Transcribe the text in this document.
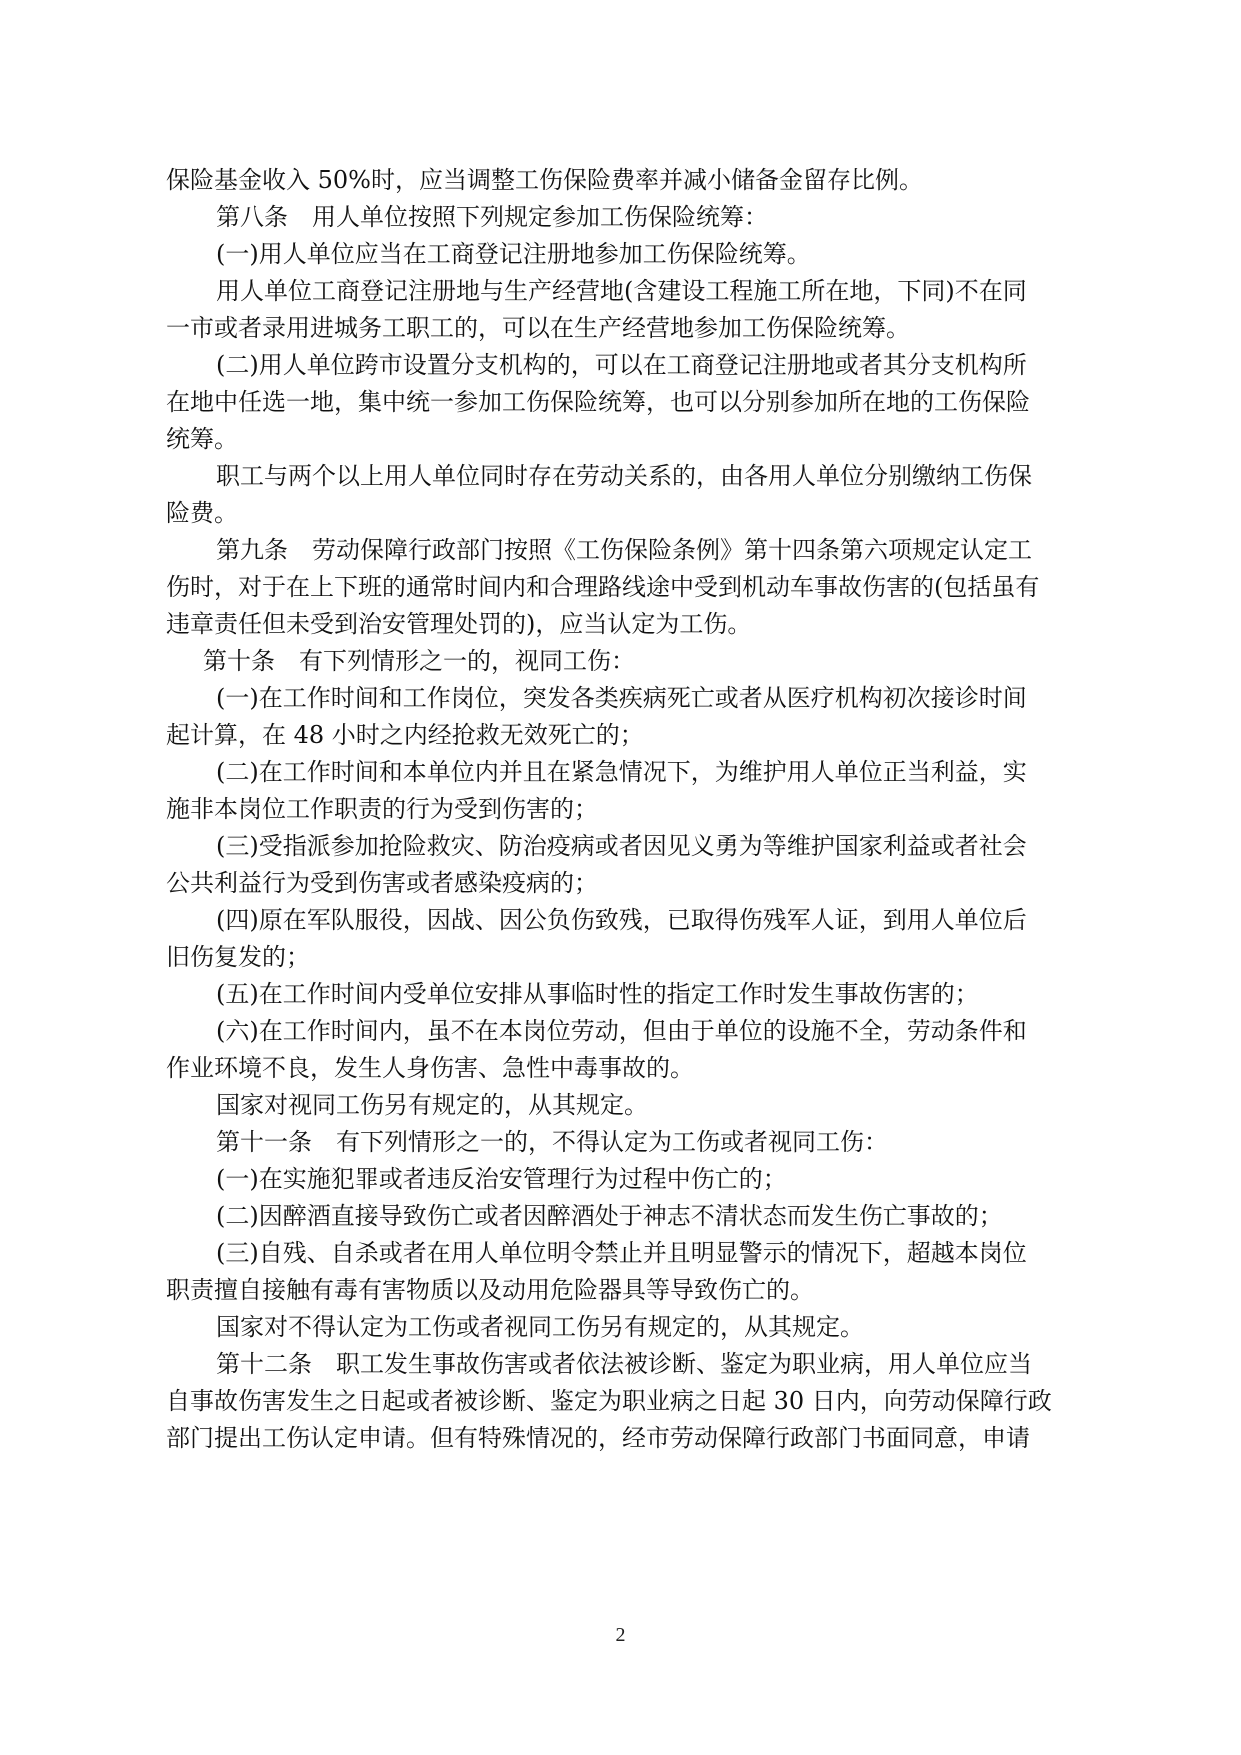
保险基金收入 50%时，应当调整工伤保险费率并减小储备金留存比例。
第八条　用人单位按照下列规定参加工伤保险统筹：
(一)用人单位应当在工商登记注册地参加工伤保险统筹。
用人单位工商登记注册地与生产经营地(含建设工程施工所在地，下同)不在同
一市或者录用进城务工职工的，可以在生产经营地参加工伤保险统筹。
(二)用人单位跨市设置分支机构的，可以在工商登记注册地或者其分支机构所
在地中任选一地，集中统一参加工伤保险统筹，也可以分别参加所在地的工伤保险
统筹。
职工与两个以上用人单位同时存在劳动关系的，由各用人单位分别缴纳工伤保
险费。
第九条　劳动保障行政部门按照《工伤保险条例》第十四条第六项规定认定工
伤时，对于在上下班的通常时间内和合理路线途中受到机动车事故伤害的(包括虽有
违章责任但未受到治安管理处罚的)，应当认定为工伤。
第十条　有下列情形之一的，视同工伤：
(一)在工作时间和工作岗位，突发各类疾病死亡或者从医疗机构初次接诊时间
起计算，在 48 小时之内经抢救无效死亡的；
(二)在工作时间和本单位内并且在紧急情况下，为维护用人单位正当利益，实
施非本岗位工作职责的行为受到伤害的；
(三)受指派参加抢险救灾、防治疫病或者因见义勇为等维护国家利益或者社会
公共利益行为受到伤害或者感染疫病的；
(四)原在军队服役，因战、因公负伤致残，已取得伤残军人证，到用人单位后
旧伤复发的；
(五)在工作时间内受单位安排从事临时性的指定工作时发生事故伤害的；
(六)在工作时间内，虽不在本岗位劳动，但由于单位的设施不全，劳动条件和
作业环境不良，发生人身伤害、急性中毒事故的。
国家对视同工伤另有规定的，从其规定。
第十一条　有下列情形之一的，不得认定为工伤或者视同工伤：
(一)在实施犯罪或者违反治安管理行为过程中伤亡的；
(二)因醉酒直接导致伤亡或者因醉酒处于神志不清状态而发生伤亡事故的；
(三)自残、自杀或者在用人单位明令禁止并且明显警示的情况下，超越本岗位
职责擅自接触有毒有害物质以及动用危险器具等导致伤亡的。
国家对不得认定为工伤或者视同工伤另有规定的，从其规定。
第十二条　职工发生事故伤害或者依法被诊断、鉴定为职业病，用人单位应当
自事故伤害发生之日起或者被诊断、鉴定为职业病之日起 30 日内，向劳动保障行政
部门提出工伤认定申请。但有特殊情况的，经市劳动保障行政部门书面同意，申请
2
